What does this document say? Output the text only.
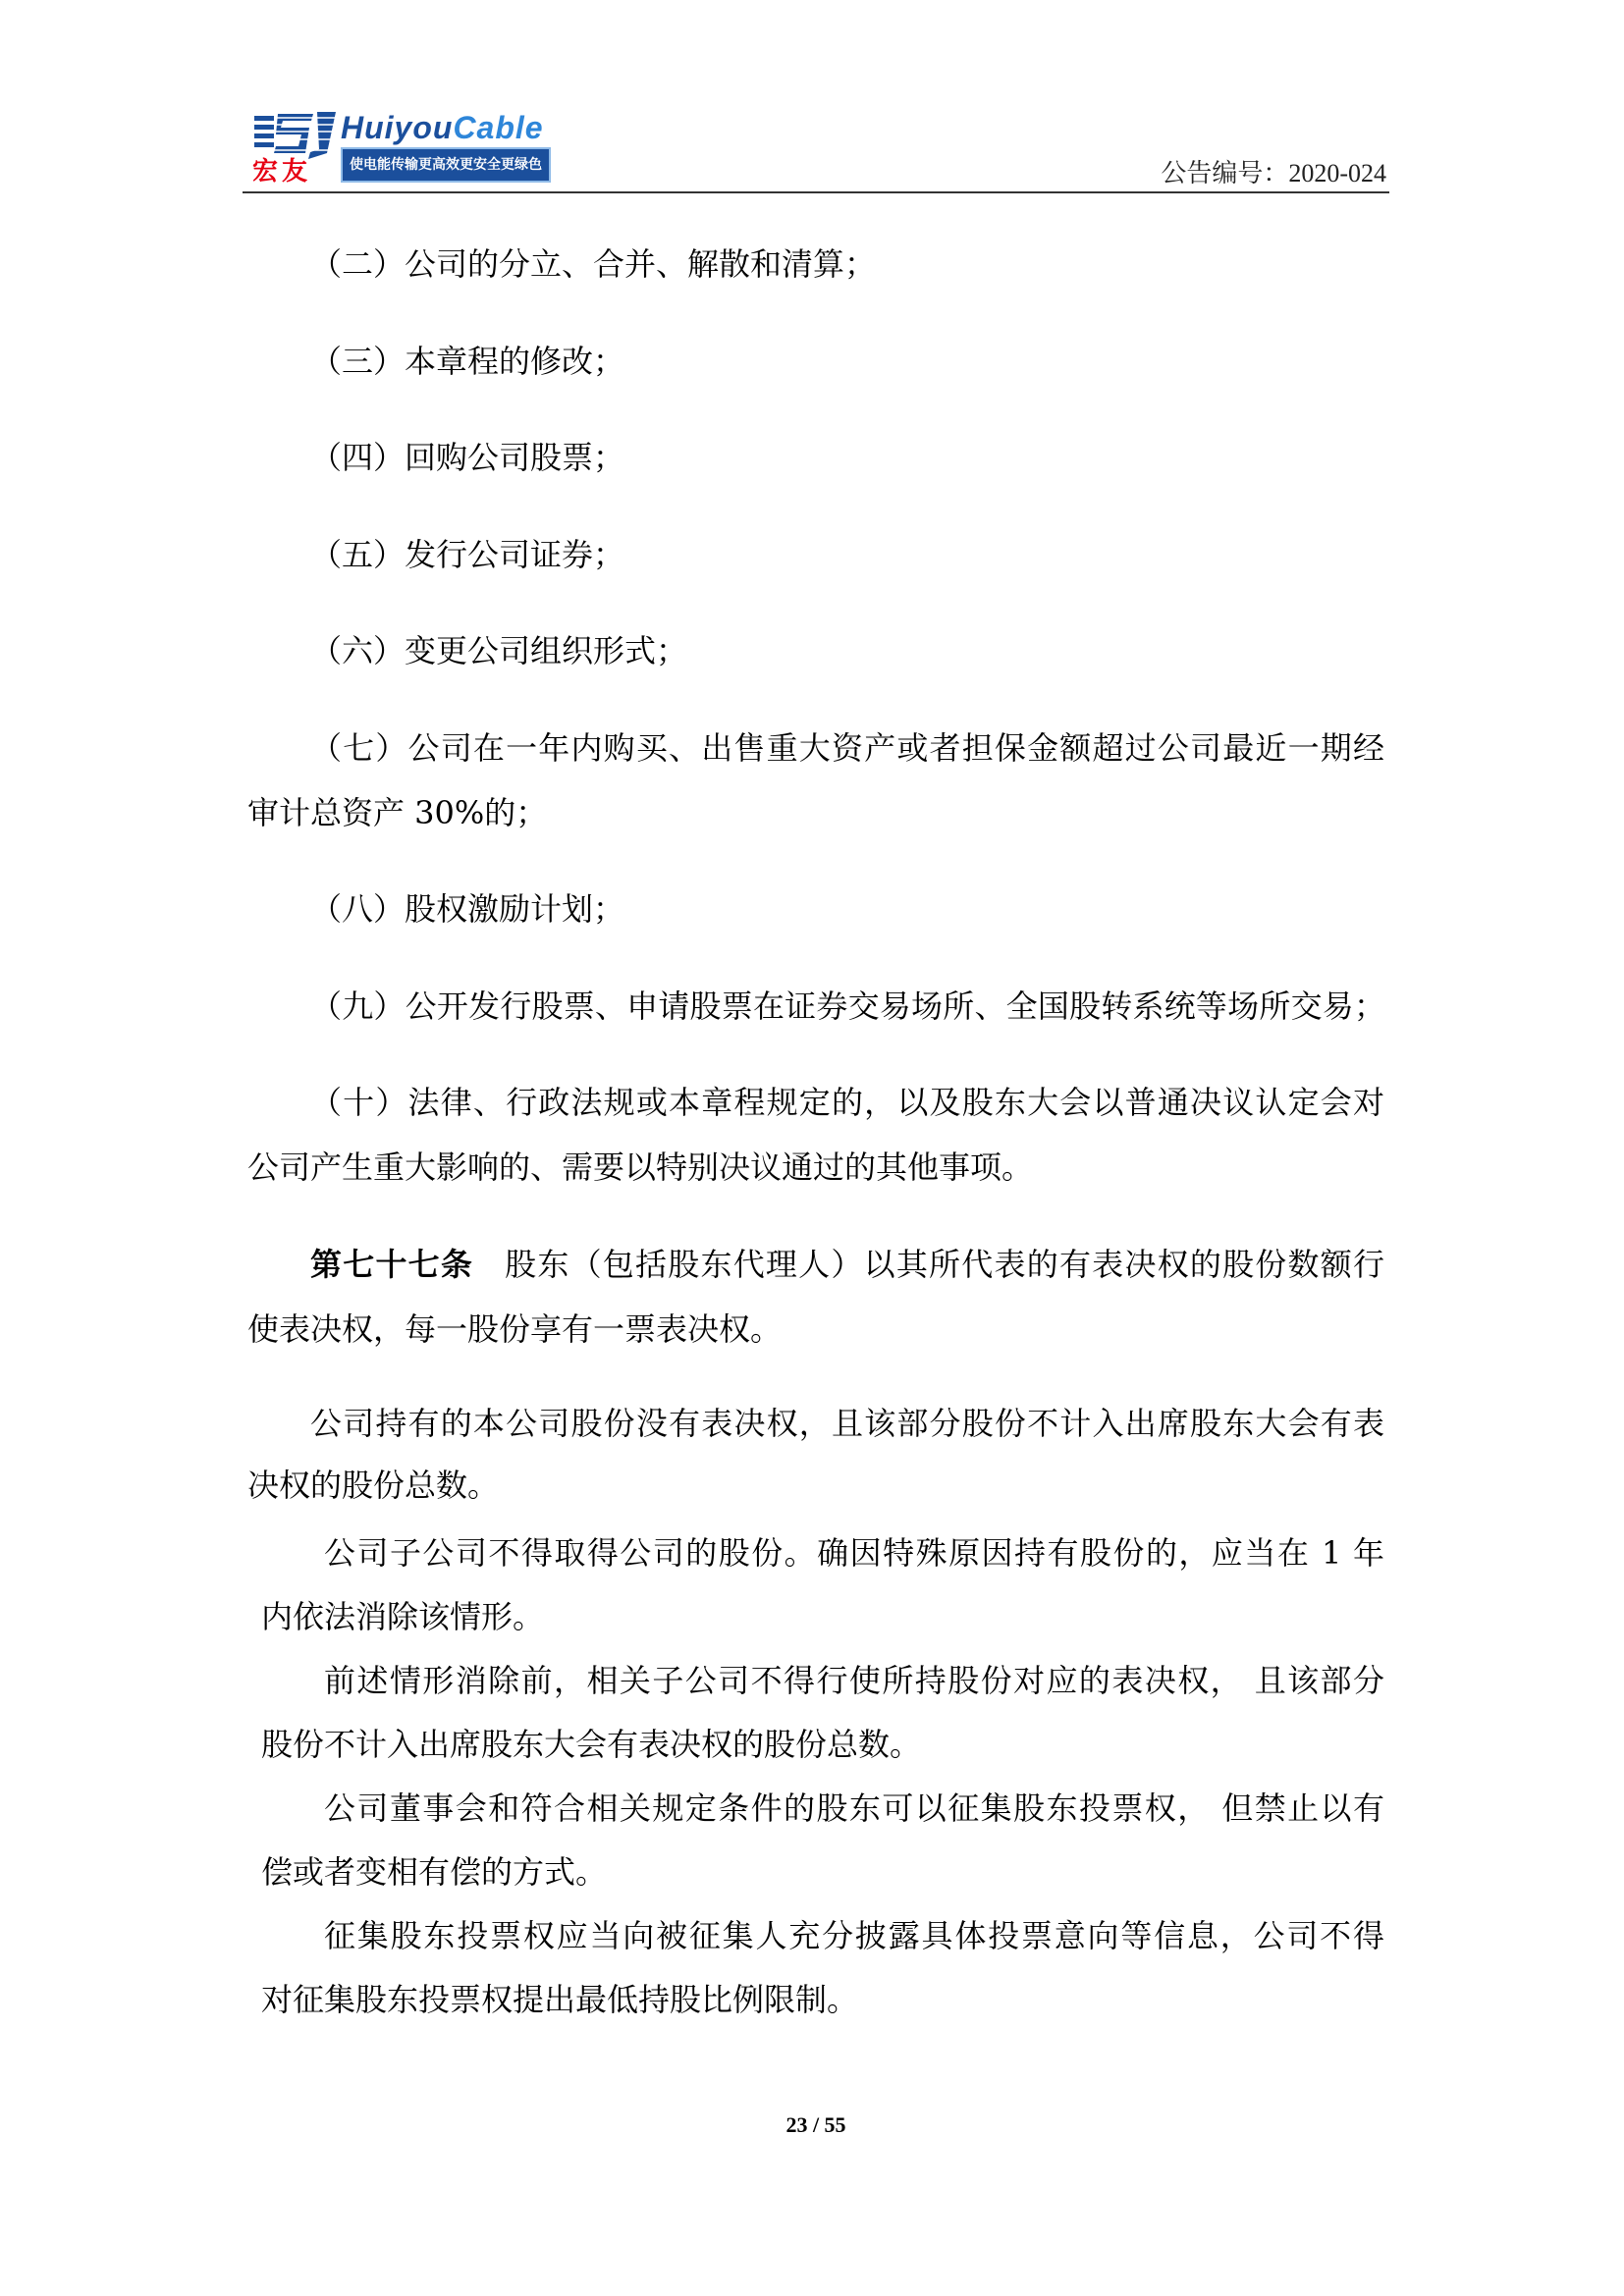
宏友
HuiyouCable
使电能传输更高效更安全更绿色	公告编号：2020-024
（二）公司的分立、合并、解散和清算；
（三）本章程的修改；
（四）回购公司股票；
（五）发行公司证券；
（六）变更公司组织形式；
（七）公司在一年内购买、出售重大资产或者担保金额超过公司最近一期经
审计总资产 30%的；
（八）股权激励计划；
（九）公开发行股票、申请股票在证券交易场所、全国股转系统等场所交易；
（十）法律、行政法规或本章程规定的，以及股东大会以普通决议认定会对
公司产生重大影响的、需要以特别决议通过的其他事项。
第七十七条 股东（包括股东代理人）以其所代表的有表决权的股份数额行
使表决权，每一股份享有一票表决权。
公司持有的本公司股份没有表决权，且该部分股份不计入出席股东大会有表
决权的股份总数。
公司子公司不得取得公司的股份。确因特殊原因持有股份的，应当在 1 年
内依法消除该情形。
前述情形消除前，相关子公司不得行使所持股份对应的表决权， 且该部分
股份不计入出席股东大会有表决权的股份总数。
公司董事会和符合相关规定条件的股东可以征集股东投票权， 但禁止以有
偿或者变相有偿的方式。
征集股东投票权应当向被征集人充分披露具体投票意向等信息，公司不得
对征集股东投票权提出最低持股比例限制。
23 / 55
